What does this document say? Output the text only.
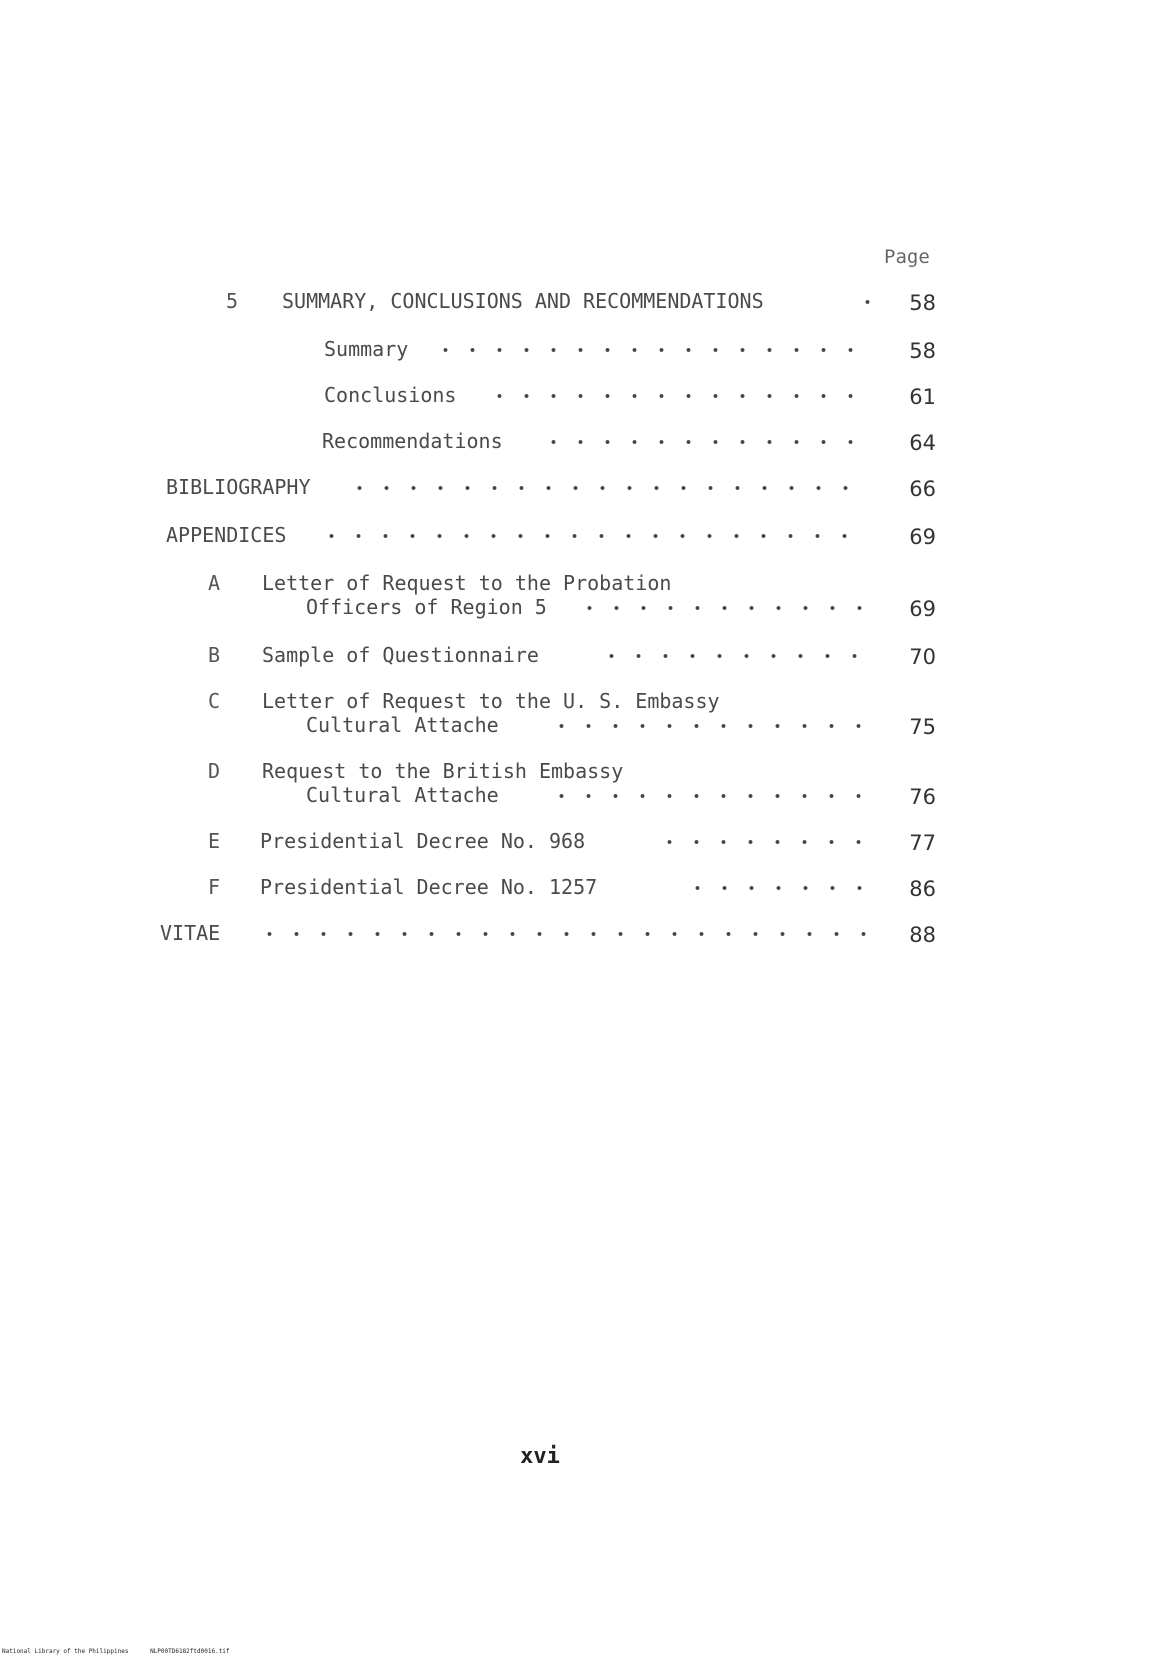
Page
5 SUMMARY, CONCLUSIONS AND RECOMMENDATIONS	58
Summary	58
Conclusions	61
Recommendations	64
BIBLIOGRAPHY	66
APPENDICES	69
A Letter of Request to the Probation
Officers of Region 5	69
B Sample of Questionnaire	70
C Letter of Request to the U. S. Embassy
Cultural Attache	75
D Request to the British Embassy
Cultural Attache	76
E Presidential Decree No. 968	77
F Presidential Decree No. 1257	86
VITAE	88
xvi
National Library of the Philippines	NLP00TD6182ftd0016.tif
